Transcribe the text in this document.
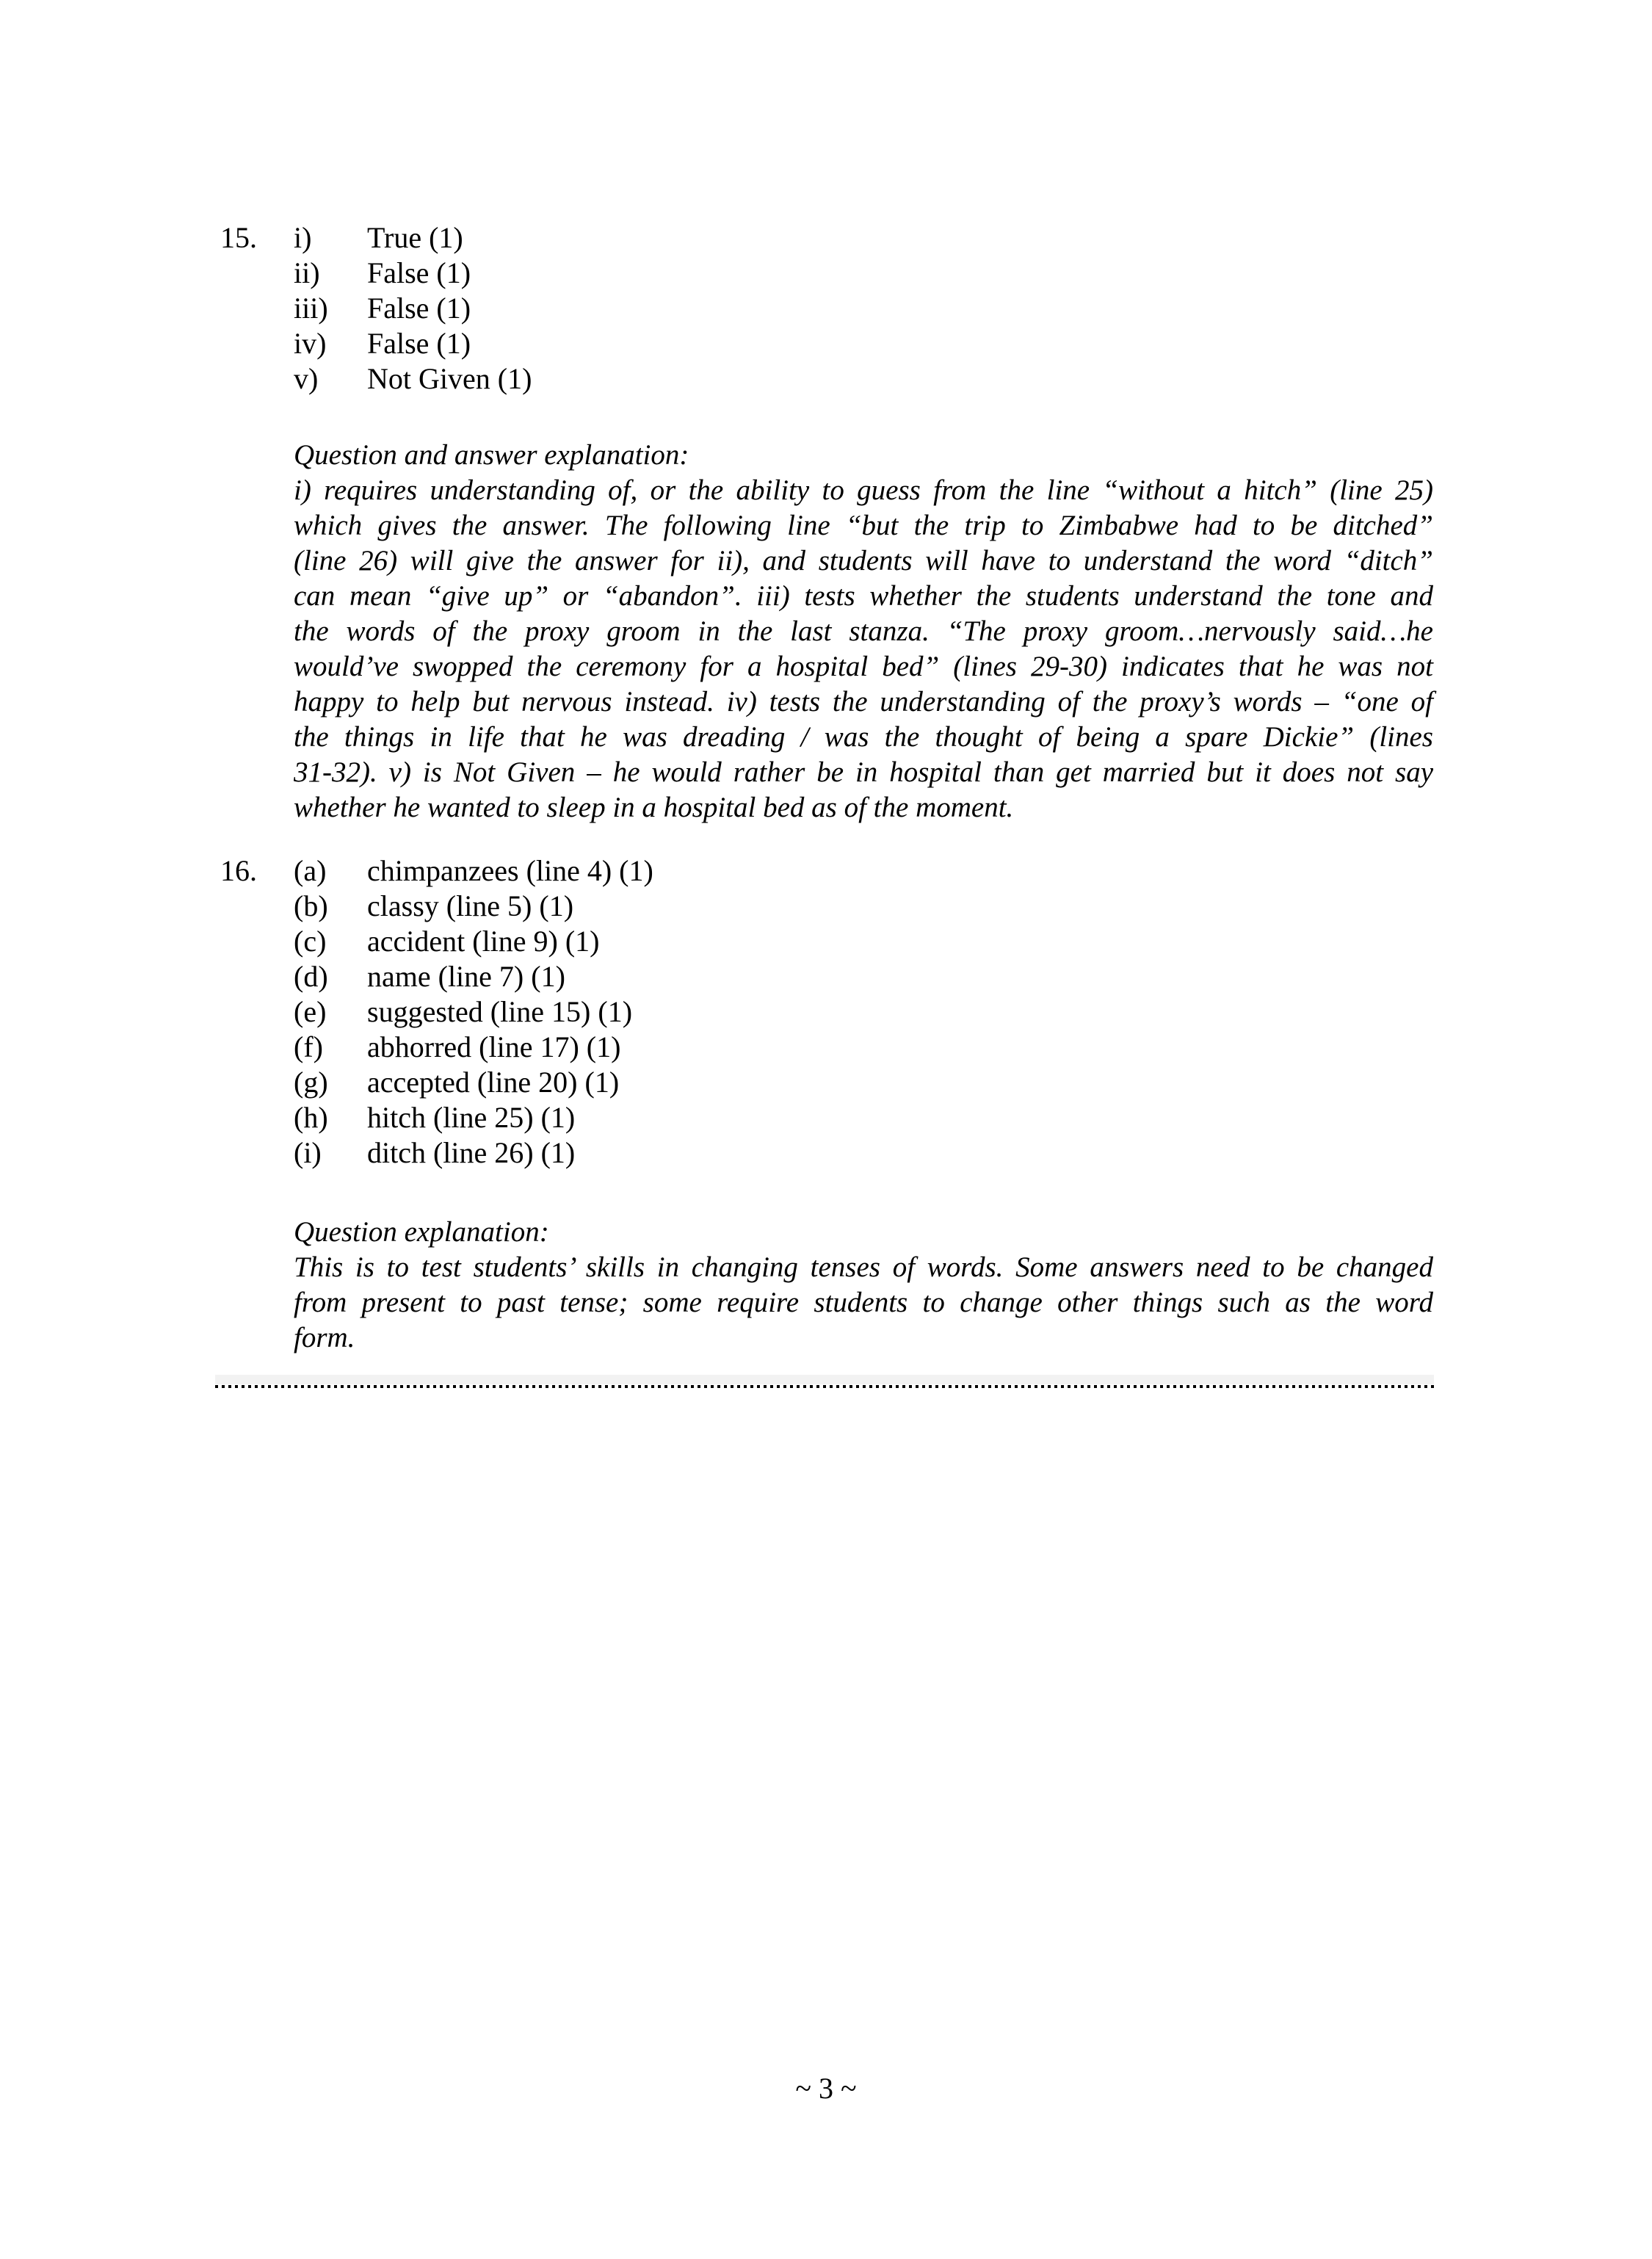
15. i)	True (1)
ii)	False (1)
iii)	False (1)
iv)	False (1)
v)	Not Given (1)
Question and answer explanation:
i) requires understanding of, or the ability to guess from the line “without a hitch” (line 25)
which gives the answer. The following line “but the trip to Zimbabwe had to be ditched”
(line 26) will give the answer for ii), and students will have to understand the word “ditch”
can mean “give up” or “abandon”. iii) tests whether the students understand the tone and
the words of the proxy groom in the last stanza. “The proxy groom…nervously said…he
would’ve swopped the ceremony for a hospital bed” (lines 29-30) indicates that he was not
happy to help but nervous instead. iv) tests the understanding of the proxy’s words – “one of
the things in life that he was dreading / was the thought of being a spare Dickie” (lines
31-32). v) is Not Given – he would rather be in hospital than get married but it does not say
whether he wanted to sleep in a hospital bed as of the moment.
16. (a)	chimpanzees (line 4) (1)
(b)	classy (line 5) (1)
(c)	accident (line 9) (1)
(d)	name (line 7) (1)
(e)	suggested (line 15) (1)
(f)	abhorred (line 17) (1)
(g)	accepted (line 20) (1)
(h)	hitch (line 25) (1)
(i)	ditch (line 26) (1)
Question explanation:
This is to test students’ skills in changing tenses of words. Some answers need to be changed
from present to past tense; some require students to change other things such as the word
form.
~ 3 ~
